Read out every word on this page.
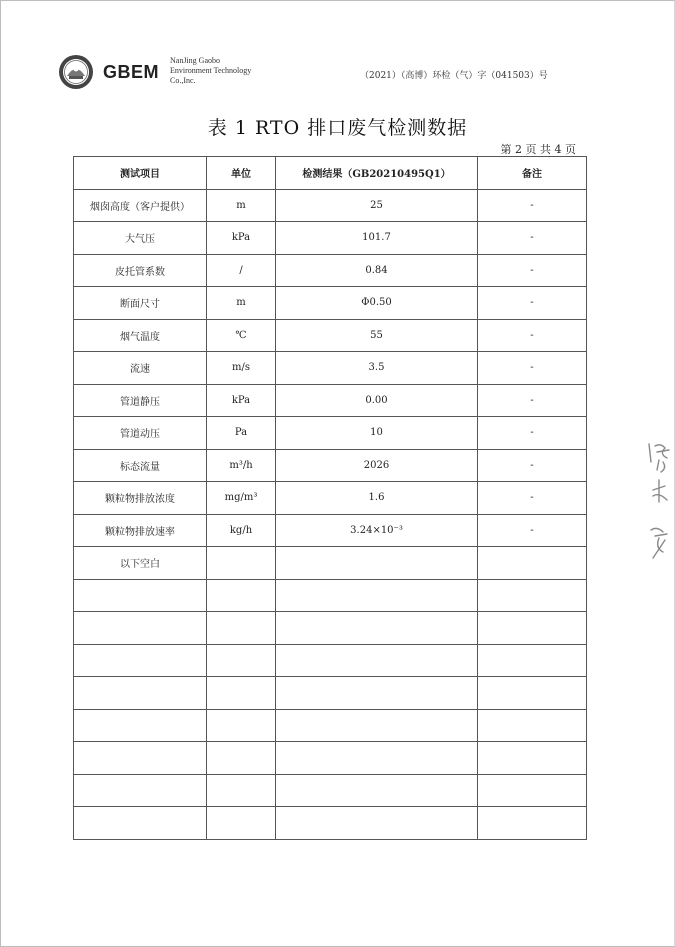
GBEM
NanJing Gaobo
Environment Technology
Co.,Inc.	（2021）（高博）环检（气）字（041503）号
表 1 RTO 排口废气检测数据
第 2 页 共 4 页
测试项目	单位	检测结果（GB20210495Q1）	备注
烟囱高度（客户提供）	m	25	-
大气压	kPa	101.7	-
皮托管系数	/	0.84	-
断面尺寸	m	Φ0.50	-
烟气温度	℃	55	-
流速	m/s	3.5	-
管道静压	kPa	0.00	-
管道动压	Pa	10	-
标态流量	m³/h	2026	-
颗粒物排放浓度	mg/m³	1.6	-
颗粒物排放速率	kg/h	3.24×10⁻³	-
以下空白			
